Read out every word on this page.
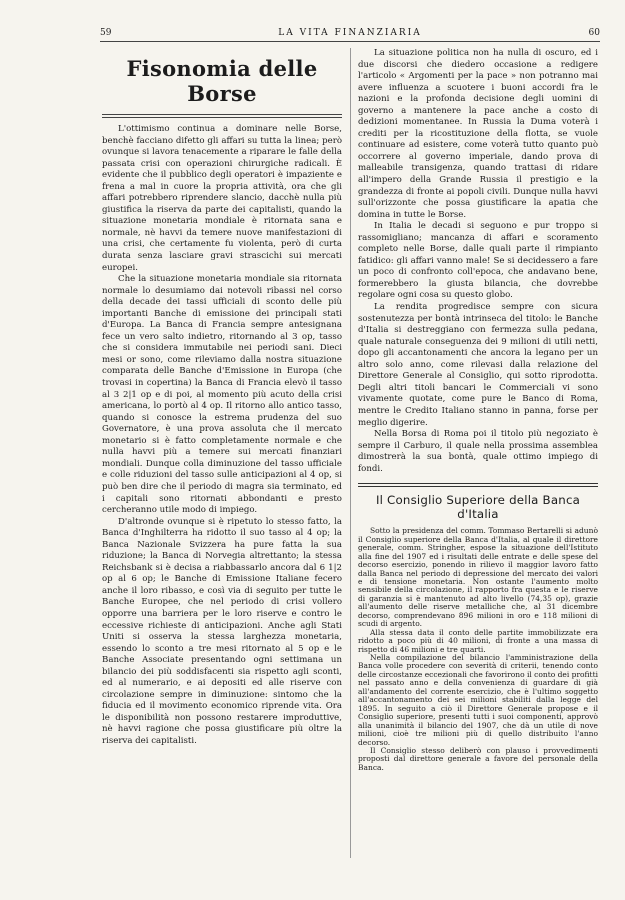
59	LA VITA FINANZIARIA	60
Fisonomia delle Borse

L'ottimismo continua a dominare nelle Borse, benchè facciano difetto gli affari su tutta la linea; però ovunque si lavora tenacemente a riparare le falle della passata crisi con operazioni chirurgiche radicali. È evidente che il pubblico degli operatori è impaziente e frena a mal in cuore la propria attività, ora che gli affari potrebbero riprendere slancio, dacchè nulla più giustifica la riserva da parte dei capitalisti, quando la situazione monetaria mondiale è ritornata sana e normale, nè havvi da temere nuove manifestazioni di una crisi, che certamente fu violenta, però di curta durata senza lasciare gravi strascichi sui mercati europei.

Che la situazione monetaria mondiale sia ritornata normale lo desumiamo dai notevoli ribassi nel corso della decade dei tassi ufficiali di sconto delle più importanti Banche di emissione dei principali stati d'Europa. La Banca di Francia sempre antesignana fece un vero salto indietro, ritornando al 3 op, tasso che si considera immutabile nei periodi sani. Dieci mesi or sono, come rileviamo dalla nostra situazione comparata delle Banche d'Emissione in Europa (che trovasi in copertina) la Banca di Francia elevò il tasso al 3 2|1 op e di poi, al momento più acuto della crisi americana, lo portò al 4 op. Il ritorno allo antico tasso, quando si conosce la estrema prudenza del suo Governatore, è una prova assoluta che il mercato monetario si è fatto completamente normale e che nulla havvi più a temere sui mercati finanziari mondiali. Dunque colla diminuzione del tasso ufficiale e colle riduzioni del tasso sulle anticipazioni al 4 op, si può ben dire che il periodo di magra sia terminato, ed i capitali sono ritornati abbondanti e presto cercheranno utile modo di impiego.

D'altronde ovunque si è ripetuto lo stesso fatto, la Banca d'Inghilterra ha ridotto il suo tasso al 4 op; la Banca Nazionale Svizzera ha pure fatta la sua riduzione; la Banca di Norvegia altrettanto; la stessa Reichsbank si è decisa a riabbassarlo ancora dal 6 1|2 op al 6 op; le Banche di Emissione Italiane fecero anche il loro ribasso, e così via di seguito per tutte le Banche Europee, che nel periodo di crisi vollero opporre una barriera per le loro riserve e contro le eccessive richieste di anticipazioni. Anche agli Stati Uniti si osserva la stessa larghezza monetaria, essendo lo sconto a tre mesi ritornato al 5 op e le Banche Associate presentando ogni settimana un bilancio dei più soddisfacenti sia rispetto agli sconti, ed al numerario, e ai depositi ed alle riserve con circolazione sempre in diminuzione: sintomo che la fiducia ed il movimento economico riprende vita. Ora le disponibilità non possono restarere improduttive, nè havvi ragione che possa giustificare più oltre la riserva dei capitalisti.

La situazione politica non ha nulla di oscuro, ed i due discorsi che diedero occasione a redigere l'articolo « Argomenti per la pace » non potranno mai avere influenza a scuotere i buoni accordi fra le nazioni e la profonda decisione degli uomini di governo a mantenere la pace anche a costo di dedizioni momentanee. In Russia la Duma voterà i crediti per la ricostituzione della flotta, se vuole continuare ad esistere, come voterà tutto quanto può occorrere al governo imperiale, dando prova di malleabile transigenza, quando trattasi di ridare all'impero della Grande Russia il prestigio e la grandezza di fronte ai popoli civili. Dunque nulla havvi sull'orizzonte che possa giustificare la apatia che domina in tutte le Borse.

In Italia le decadi si seguono e pur troppo si rassomigliano; mancanza di affari e scoramento completo nelle Borse, dalle quali parte il rimpianto fatidico: gli affari vanno male! Se si decidessero a fare un poco di confronto coll'epoca, che andavano bene, formerebbero la giusta bilancia, che dovrebbe regolare ogni cosa su questo globo.

La rendita progredisce sempre con sicura sostenutezza per bontà intrinseca del titolo: le Banche d'Italia si destreggiano con fermezza sulla pedana, quale naturale conseguenza dei 9 milioni di utili netti, dopo gli accantonamenti che ancora la legano per un altro solo anno, come rilevasi dalla relazione del Direttore Generale al Consiglio, qui sotto riprodotta. Degli altri titoli bancari le Commerciali vi sono vivamente quotate, come pure le Banco di Roma, mentre le Credito Italiano stanno in panna, forse per meglio digerire.

Nella Borsa di Roma poi il titolo più negoziato è sempre il Carburo, il quale nella prossima assemblea dimostrerà la sua bontà, quale ottimo impiego di fondi.

Il Consiglio Superiore della Banca d'Italia

Sotto la presidenza del comm. Tommaso Bertarelli si adunò il Consiglio superiore della Banca d'Italia, al quale il direttore generale, comm. Stringher, espose la situazione dell'Istituto alla fine del 1907 ed i risultati delle entrate e delle spese del decorso esercizio, ponendo in rilievo il maggior lavoro fatto dalla Banca nel periodo di depressione del mercato dei valori e di tensione monetaria. Non ostante l'aumento molto sensibile della circolazione, il rapporto fra questa e le riserve di garanzia si è mantenuto ad alto livello (74,35 op), grazie all'aumento delle riserve metalliche che, al 31 dicembre decorso, comprendevano 896 milioni in oro e 118 milioni di scudi di argento.

Alla stessa data il conto delle partite immobilizzate era ridotto a poco più di 40 milioni, di fronte a una massa di rispetto di 46 milioni e tre quarti.

Nella compilazione del bilancio l'amministrazione della Banca volle procedere con severità di criterii, tenendo conto delle circostanze eccezionali che favorirono il conto dei profitti nel passato anno e della convenienza di guardare di già all'andamento del corrente esercizio, che è l'ultimo soggetto all'accantonamento dei sei milioni stabiliti dalla legge del 1895. In seguito a ciò il Direttore Generale propose e il Consiglio superiore, presenti tutti i suoi componenti, approvò alla unanimità il bilancio del 1907, che dà un utile di nove milioni, cioè tre milioni più di quello distribuito l'anno decorso.

Il Consiglio stesso deliberò con plauso i provvedimenti proposti dal direttore generale a favore del personale della Banca.
